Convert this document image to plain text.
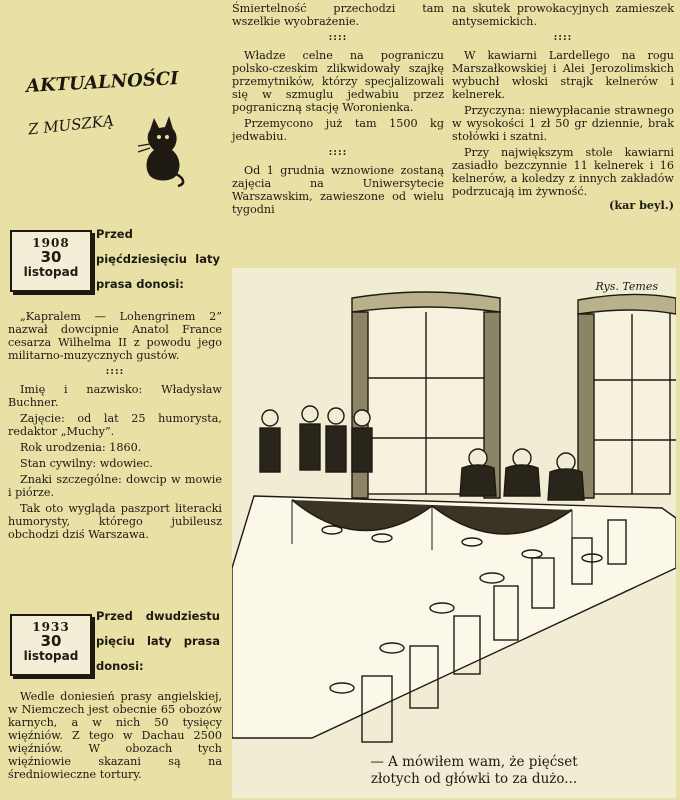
AKTUALNOŚCI
Z MUSZKĄ
1908
30
listopad
Przed pięćdziesięciu laty prasa donosi:

„Kapralem — Lohengrinem 2” nazwał dowcipnie Anatol France cesarza Wilhelma II z powodu jego militarno-muzycznych gustów.

::::

Imię i nazwisko: Władysław Buchner.

Zajęcie: od lat 25 humorysta, redaktor „Muchy”.

Rok urodzenia: 1860.

Stan cywilny: wdowiec.

Znaki szczególne: dowcip w mowie i piórze.

Tak oto wygląda paszport literacki humorysty, którego jubileusz obchodzi dziś Warszawa.

1933
30
listopad
Przed dwudziestu pięciu laty prasa donosi:

Wedle doniesień prasy angielskiej, w Niemczech jest obecnie 65 obozów karnych, a w nich 50 tysięcy więźniów. Z tego w Dachau 2500 więźniów. W obozach tych więźniowie skazani są na średniowieczne tortury.

Śmiertelność przechodzi tam wszelkie wyobrażenie.

::::

Władze celne na pograniczu polsko-czeskim zlikwidowały szajkę przemytników, którzy specjalizowali się w szmuglu jedwabiu przez pograniczną stację Woronienka.

Przemycono już tam 1500 kg jedwabiu.

::::

Od 1 grudnia wznowione zostaną zajęcia na Uniwersytecie Warszawskim, zawieszone od wielu tygodni

na skutek prowokacyjnych zamieszek antysemickich.

::::

W kawiarni Lardellego na rogu Marszałkowskiej i Alei Jerozolimskich wybuchł włoski strajk kelnerów i kelnerek.

Przyczyna: niewypłacanie strawnego w wysokości 1 zł 50 gr dziennie, brak stołówki i szatni.

Przy największym stole kawiarni zasiadło bezczynnie 11 kelnerek i 16 kelnerów, a koledzy z innych zakładów podrzucają im żywność.

(kar beyl.)
Rys. Temes
— A mówiłem wam, że pięćset
złotych od główki to za dużo...
